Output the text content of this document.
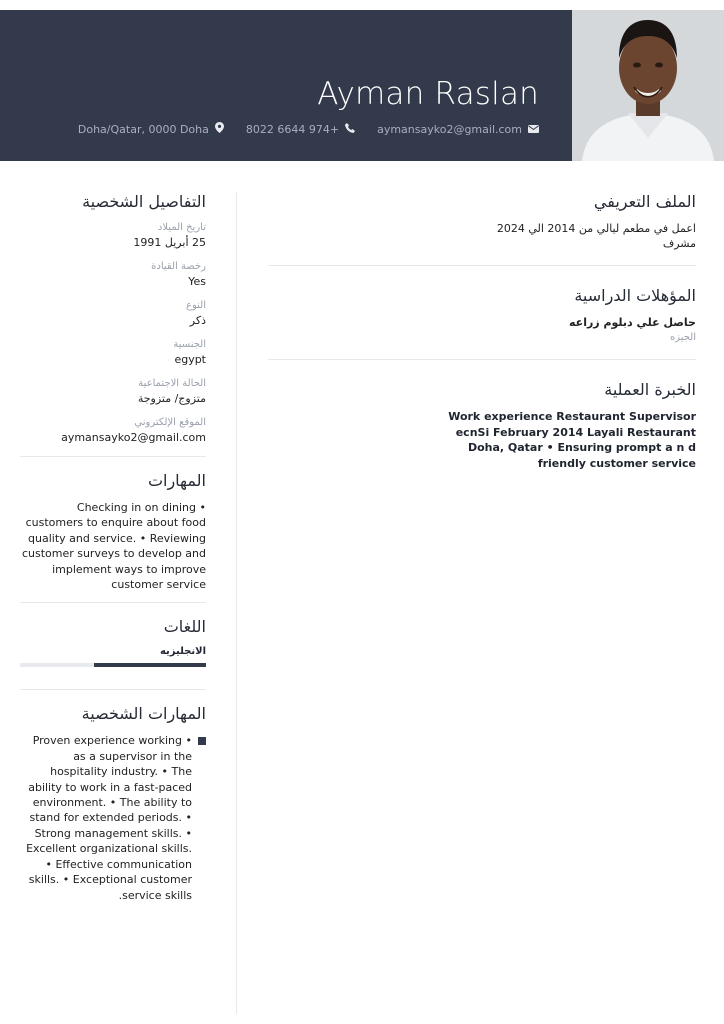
Ayman Raslan
Doha/Qatar, 0000 Doha	8022 6644 974+	aymansayko2@gmail.com
التفاصيل الشخصية
تاريخ الميلاد
25 أبريل 1991
رخصة القيادة
Yes
النوع
ذكر
الجنسية
egypt
الحالة الاجتماعية
متزوج/ متزوجة
الموقع الإلكتروني
aymansayko2@gmail.com
المهارات
• Checking in on dining customers to enquire about food quality and service. • Reviewing customer surveys to develop and implement ways to improve customer service
اللغات
الانجليزيه
المهارات الشخصية
• Proven experience working as a supervisor in the hospitality industry. • The ability to work in a fast-paced environment. • The ability to stand for extended periods. • Strong management skills. • Excellent organizational skills. • Effective communication skills. • Exceptional customer service skills.
الملف التعريفي
اعمل في مطعم ليالي من 2014 الي 2024
مشرف
المؤهلات الدراسية
حاصل علي دبلوم زراعه
الجيزه
الخبرة العملية
Work experience Restaurant Supervisor ecnSi February 2014 Layali Restaurant Doha, Qatar • Ensuring prompt a n d friendly customer service
